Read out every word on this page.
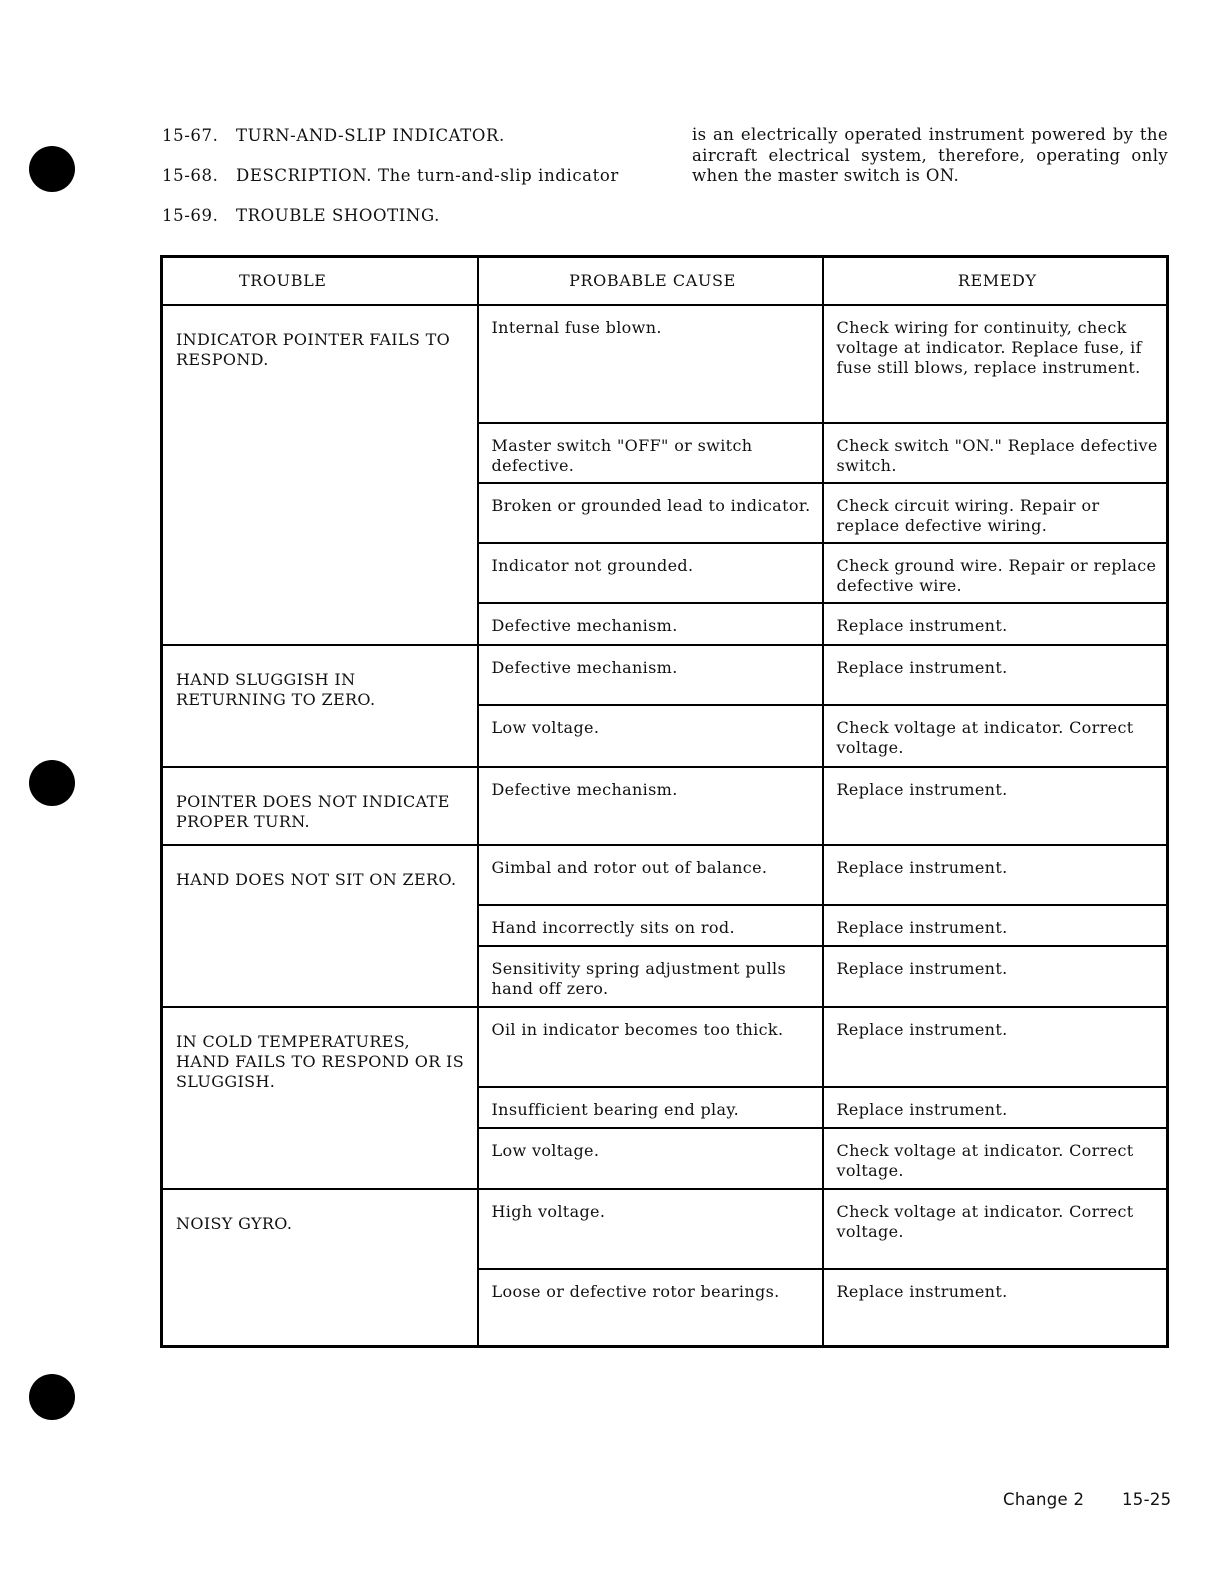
15-67. TURN-AND-SLIP INDICATOR.
15-68. DESCRIPTION. The turn-and-slip indicator
15-69. TROUBLE SHOOTING.
is an electrically operated instrument powered by the aircraft electrical system, therefore, operating only when the master switch is ON.
TROUBLE	PROBABLE CAUSE	REMEDY
INDICATOR POINTER FAILS TO RESPOND.	Internal fuse blown.	Check wiring for continuity, check voltage at indicator. Replace fuse, if fuse still blows, replace instrument.
	Master switch "OFF" or switch defective.	Check switch "ON." Replace defective switch.
	Broken or grounded lead to indicator.	Check circuit wiring. Repair or replace defective wiring.
	Indicator not grounded.	Check ground wire. Repair or replace defective wire.
	Defective mechanism.	Replace instrument.
HAND SLUGGISH IN RETURNING TO ZERO.	Defective mechanism.	Replace instrument.
	Low voltage.	Check voltage at indicator. Correct voltage.
POINTER DOES NOT INDICATE PROPER TURN.	Defective mechanism.	Replace instrument.
HAND DOES NOT SIT ON ZERO.	Gimbal and rotor out of balance.	Replace instrument.
	Hand incorrectly sits on rod.	Replace instrument.
	Sensitivity spring adjustment pulls hand off zero.	Replace instrument.
IN COLD TEMPERATURES, HAND FAILS TO RESPOND OR IS SLUGGISH.	Oil in indicator becomes too thick.	Replace instrument.
	Insufficient bearing end play.	Replace instrument.
	Low voltage.	Check voltage at indicator. Correct voltage.
NOISY GYRO.	High voltage.	Check voltage at indicator. Correct voltage.
	Loose or defective rotor bearings.	Replace instrument.
Change 2 15-25
